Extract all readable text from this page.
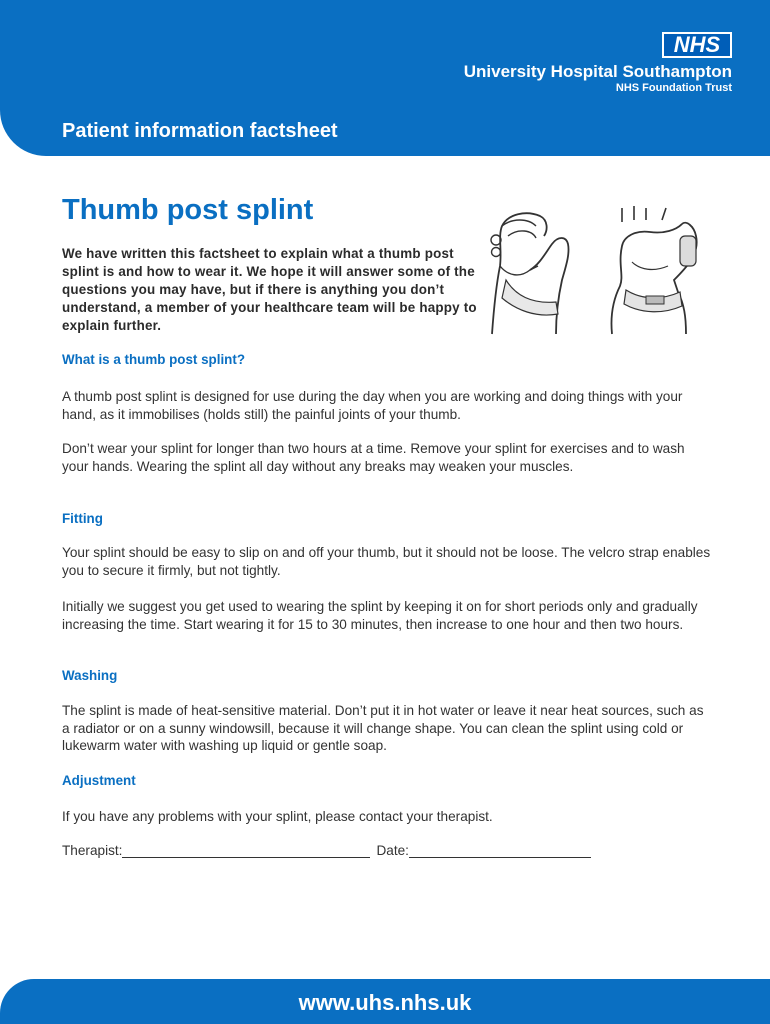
NHS
University Hospital Southampton
NHS Foundation Trust
Patient information factsheet
Thumb post splint
We have written this factsheet to explain what a thumb post splint is and how to wear it. We hope it will answer some of the questions you may have, but if there is anything you don’t understand, a member of your healthcare team will be happy to explain further.
What is a thumb post splint?
A thumb post splint is designed for use during the day when you are working and doing things with your hand, as it immobilises (holds still) the painful joints of your thumb.
Don’t wear your splint for longer than two hours at a time. Remove your splint for exercises and to wash your hands. Wearing the splint all day without any breaks may weaken your muscles.
Fitting
Your splint should be easy to slip on and off your thumb, but it should not be loose. The velcro strap enables you to secure it firmly, but not tightly.
Initially we suggest you get used to wearing the splint by keeping it on for short periods only and gradually increasing the time. Start wearing it for 15 to 30 minutes, then increase to one hour and then two hours.
Washing
The splint is made of heat-sensitive material. Don’t put it in hot water or leave it near heat sources, such as a radiator or on a sunny windowsill, because it will change shape. You can clean the splint using cold or lukewarm water with washing up liquid or gentle soap.
Adjustment
If you have any problems with your splint, please contact your therapist.
Therapist:	Date:
www.uhs.nhs.uk
